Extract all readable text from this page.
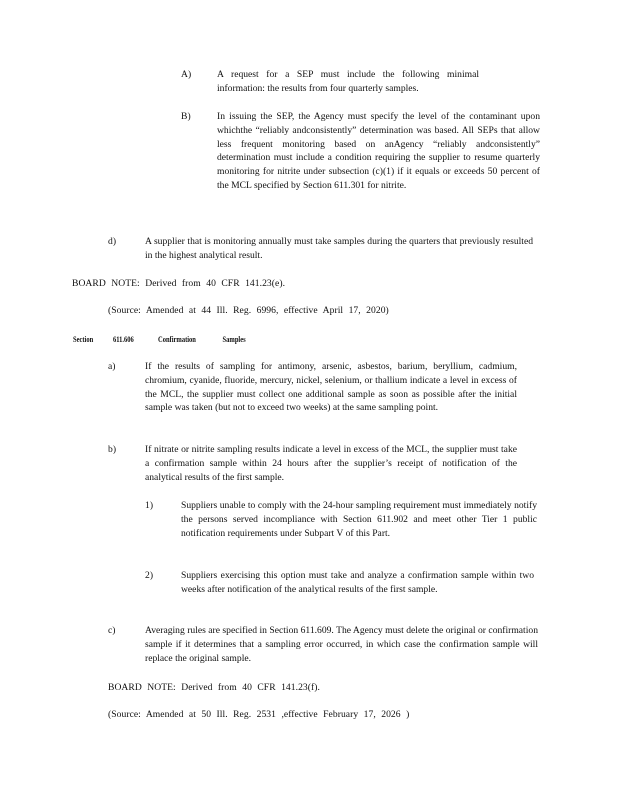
A)	A request for a SEP must include the following minimal information: the results from four quarterly samples.
B)	In issuing the SEP, the Agency must specify the level of the contaminant upon whichthe “reliably andconsistently” determination was based. All SEPs that allow less frequent monitoring based on anAgency “reliably andconsistently” determination must include a condition requiring the supplier to resume quarterly monitoring for nitrite under subsection (c)(1) if it equals or exceeds 50 percent of the MCL specified by Section 611.301 for nitrite.
d)	A supplier that is monitoring annually must take samples during the quarters that previously resulted in the highest analytical result.
BOARD NOTE: Derived from 40 CFR 141.23(e).
(Source: Amended at 44 Ill. Reg. 6996, effective April 17, 2020)
Section	611.606	Confirmation Samples
a)	If the results of sampling for antimony, arsenic, asbestos, barium, beryllium, cadmium, chromium, cyanide, fluoride, mercury, nickel, selenium, or thallium indicate a level in excess of the MCL, the supplier must collect one additional sample as soon as possible after the initial sample was taken (but not to exceed two weeks) at the same sampling point.
b)	If nitrate or nitrite sampling results indicate a level in excess of the MCL, the supplier must take a confirmation sample within 24 hours after the supplier’s receipt of notification of the analytical results of the first sample.
1)	Suppliers unable to comply with the 24-hour sampling requirement must immediately notify the persons served incompliance with Section 611.902 and meet other Tier 1 public notification requirements under Subpart V of this Part.
2)	Suppliers exercising this option must take and analyze a confirmation sample within two weeks after notification of the analytical results of the first sample.
c)	Averaging rules are specified in Section 611.609. The Agency must delete the original or confirmation sample if it determines that a sampling error occurred, in which case the confirmation sample will replace the original sample.
BOARD NOTE: Derived from 40 CFR 141.23(f).
(Source: Amended at 50 Ill. Reg. 2531 ,effective February 17, 2026 )
